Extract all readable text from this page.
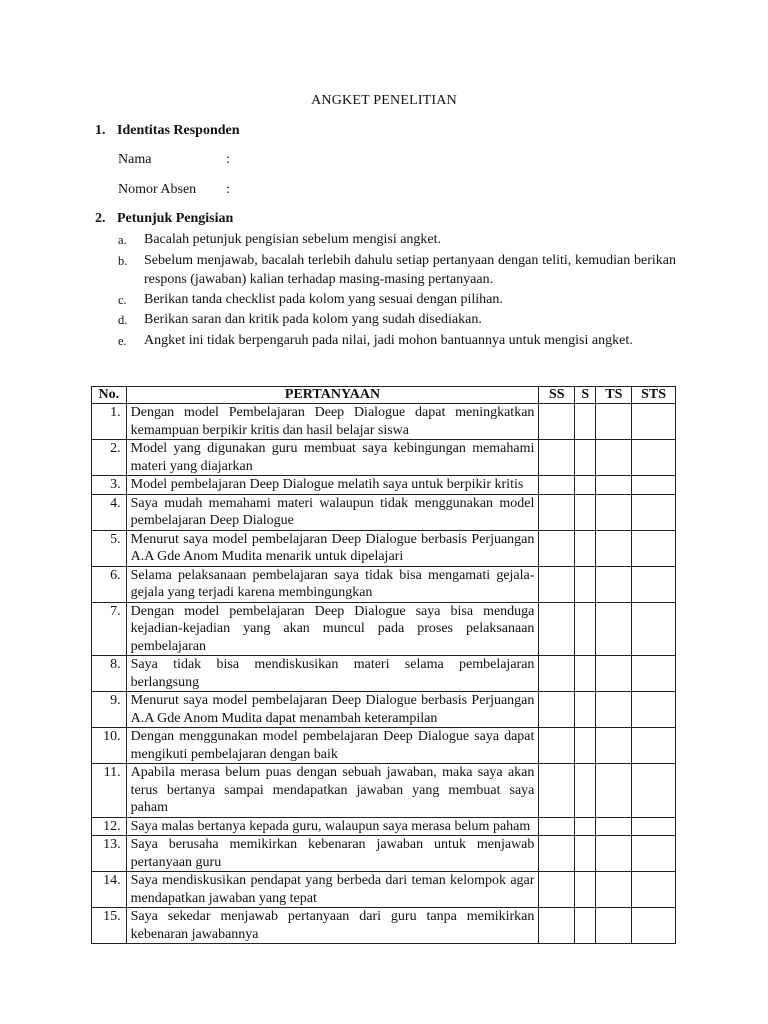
ANGKET PENELITIAN
1. Identitas Responden
Nama	:
Nomor Absen :
2. Petunjuk Pengisian
a.	Bacalah petunjuk pengisian sebelum mengisi angket.
b.	Sebelum menjawab, bacalah terlebih dahulu setiap pertanyaan dengan teliti, kemudian berikan respons (jawaban) kalian terhadap masing-masing pertanyaan.
c.	Berikan tanda checklist pada kolom yang sesuai dengan pilihan.
d.	Berikan saran dan kritik pada kolom yang sudah disediakan.
e.	Angket ini tidak berpengaruh pada nilai, jadi mohon bantuannya untuk mengisi angket.
No.	PERTANYAAN	SS	S	TS	STS
1.	Dengan model Pembelajaran Deep Dialogue dapat meningkatkan kemampuan berpikir kritis dan hasil belajar siswa				
2.	Model yang digunakan guru membuat saya kebingungan memahami materi yang diajarkan				
3.	Model pembelajaran Deep Dialogue melatih saya untuk berpikir kritis				
4.	Saya mudah memahami materi walaupun tidak menggunakan model pembelajaran Deep Dialogue				
5.	Menurut saya model pembelajaran Deep Dialogue berbasis Perjuangan A.A Gde Anom Mudita menarik untuk dipelajari				
6.	Selama pelaksanaan pembelajaran saya tidak bisa mengamati gejala-gejala yang terjadi karena membingungkan				
7.	Dengan model pembelajaran Deep Dialogue saya bisa menduga kejadian-kejadian yang akan muncul pada proses pelaksanaan pembelajaran				
8.	Saya tidak bisa mendiskusikan materi selama pembelajaran berlangsung				
9.	Menurut saya model pembelajaran Deep Dialogue berbasis Perjuangan A.A Gde Anom Mudita dapat menambah keterampilan				
10.	Dengan menggunakan model pembelajaran Deep Dialogue saya dapat mengikuti pembelajaran dengan baik				
11.	Apabila merasa belum puas dengan sebuah jawaban, maka saya akan terus bertanya sampai mendapatkan jawaban yang membuat saya paham				
12.	Saya malas bertanya kepada guru, walaupun saya merasa belum paham				
13.	Saya berusaha memikirkan kebenaran jawaban untuk menjawab pertanyaan guru				
14.	Saya mendiskusikan pendapat yang berbeda dari teman kelompok agar mendapatkan jawaban yang tepat				
15.	Saya sekedar menjawab pertanyaan dari guru tanpa memikirkan kebenaran jawabannya				
